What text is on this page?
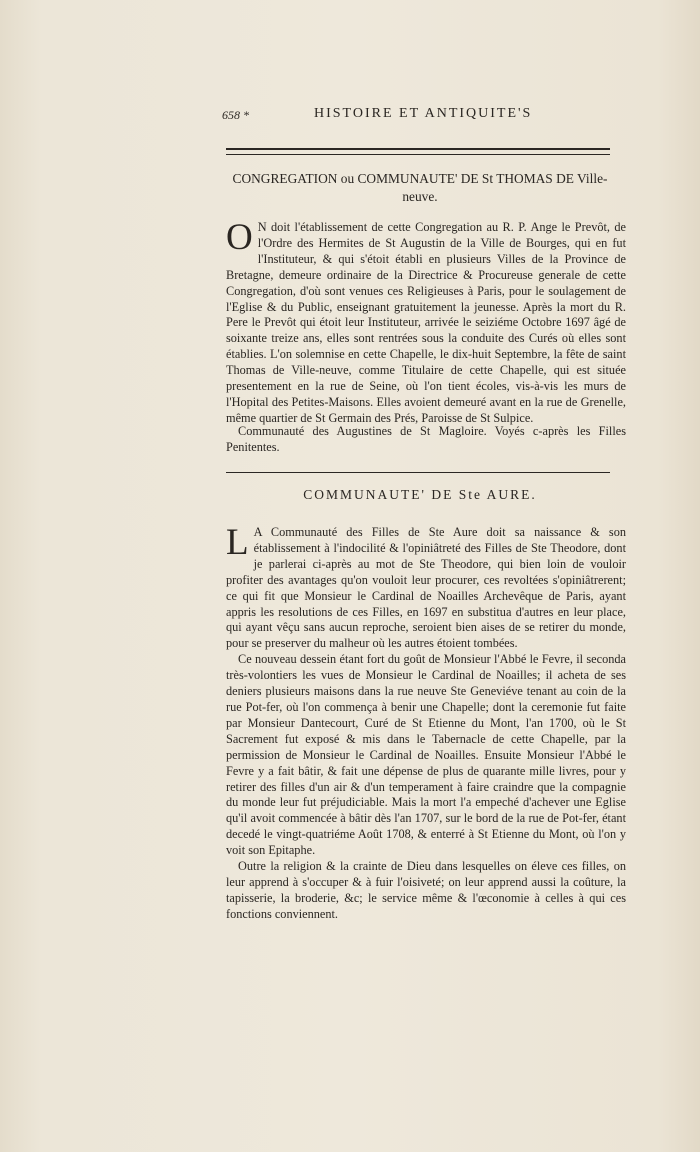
658 *	HISTOIRE ET ANTIQUITE'S
CONGREGATION ou COMMUNAUTE' DE St THOMAS DE Ville-neuve.

O N doit l'établissement de cette Congregation au R. P. Ange le Prevôt, de l'Ordre des Hermites de St Augustin de la Ville de Bourges, qui en fut l'Instituteur, & qui s'étoit établi en plusieurs Villes de la Province de Bretagne, demeure ordinaire de la Directrice & Procureuse generale de cette Congregation, d'où sont venues ces Religieuses à Paris, pour le soulagement de l'Eglise & du Public, enseignant gratuitement la jeunesse. Après la mort du R. Pere le Prevôt qui étoit leur Instituteur, arrivée le seiziéme Octobre 1697 âgé de soixante treize ans, elles sont rentrées sous la conduite des Curés où elles sont établies. L'on solemnise en cette Chapelle, le dix-huit Septembre, la fête de saint Thomas de Ville-neuve, comme Titulaire de cette Chapelle, qui est située presentement en la rue de Seine, où l'on tient écoles, vis-à-vis les murs de l'Hopital des Petites-Maisons. Elles avoient demeuré avant en la rue de Grenelle, même quartier de St Germain des Prés, Paroisse de St Sulpice.

Communauté des Augustines de St Magloire. Voyés c-après les Filles Penitentes.

COMMUNAUTE' DE Ste AURE.

L A Communauté des Filles de Ste Aure doit sa naissance & son établissement à l'indocilité & l'opiniâtreté des Filles de Ste Theodore, dont je parlerai ci-après au mot de Ste Theodore, qui bien loin de vouloir profiter des avantages qu'on vouloit leur procurer, ces revoltées s'opiniâtrerent; ce qui fit que Monsieur le Cardinal de Noailles Archevêque de Paris, ayant appris les resolutions de ces Filles, en 1697 en substitua d'autres en leur place, qui ayant vêçu sans aucun reproche, seroient bien aises de se retirer du monde, pour se preserver du malheur où les autres étoient tombées.

Ce nouveau dessein étant fort du goût de Monsieur l'Abbé le Fevre, il seconda très-volontiers les vues de Monsieur le Cardinal de Noailles; il acheta de ses deniers plusieurs maisons dans la rue neuve Ste Geneviéve tenant au coin de la rue Pot-fer, où l'on commença à benir une Chapelle; dont la ceremonie fut faite par Monsieur Dantecourt, Curé de St Etienne du Mont, l'an 1700, où le St Sacrement fut exposé & mis dans le Tabernacle de cette Chapelle, par la permission de Monsieur le Cardinal de Noailles. Ensuite Monsieur l'Abbé le Fevre y a fait bâtir, & fait une dépense de plus de quarante mille livres, pour y retirer des filles d'un air & d'un temperament à faire craindre que la compagnie du monde leur fut préjudiciable. Mais la mort l'a empeché d'achever une Eglise qu'il avoit commencée à bâtir dès l'an 1707, sur le bord de la rue de Pot-fer, étant decedé le vingt-quatriéme Août 1708, & enterré à St Etienne du Mont, où l'on y voit son Epitaphe.

Outre la religion & la crainte de Dieu dans lesquelles on éleve ces filles, on leur apprend à s'occuper & à fuir l'oisiveté; on leur apprend aussi la coûture, la tapisserie, la broderie, &c; le service même & l'œconomie à celles à qui ces fonctions conviennent.
